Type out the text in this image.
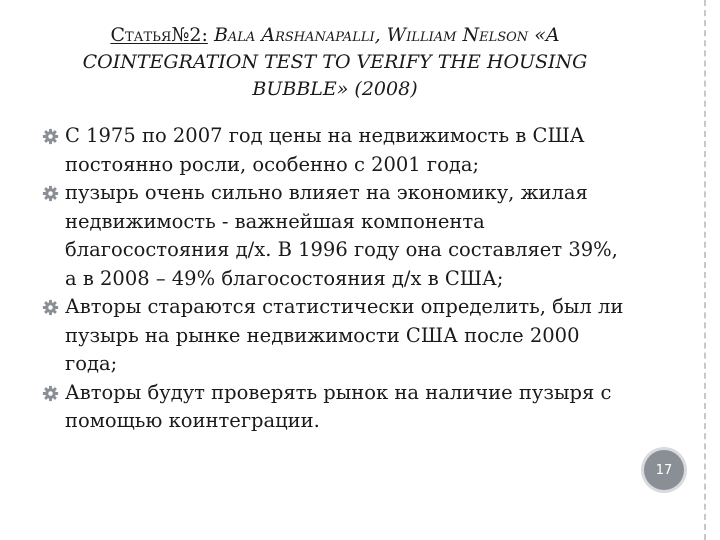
Статья№2: Bala Arshanapalli, William Nelson «A
COINTEGRATION TEST TO VERIFY THE HOUSING
BUBBLE» (2008)
С 1975 по 2007 год цены на недвижимость в США постоянно росли, особенно с 2001 года;
пузырь очень сильно влияет на экономику, жилая недвижимость - важнейшая компонента благосостояния д/х. В 1996 году она составляет 39%, а в 2008 – 49% благосостояния д/х в США;
Авторы стараются статистически определить, был ли пузырь на рынке недвижимости США после 2000 года;
Авторы будут проверять рынок на наличие пузыря с помощью коинтеграции.
17
